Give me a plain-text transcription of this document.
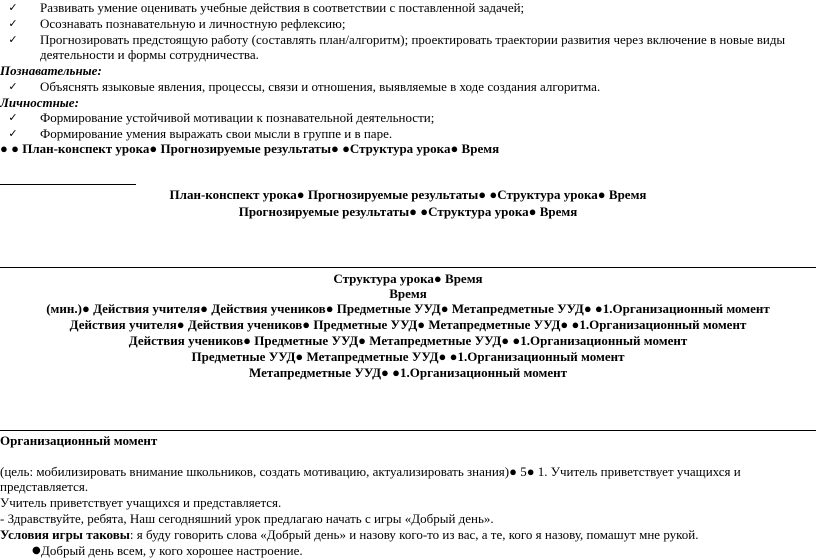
✓ Развивать умение оценивать учебные действия в соответствии с поставленной задачей;
✓ Осознавать познавательную и личностную рефлексию;
✓ Прогнозировать предстоящую работу (составлять план/алгоритм); проектировать траектории развития через включение в новые виды
деятельности и формы сотрудничества.
Познавательные:
✓ Объяснять языковые явления, процессы, связи и отношения, выявляемые в ходе создания алгоритма.
Личностные:
✓ Формирование устойчивой мотивации к познавательной деятельности;
✓ Формирование умения выражать свои мысли в группе и в паре.
● ● План-конспект урока● Прогнозируемые результаты● ●Структура урока● Время
План-конспект урока● Прогнозируемые результаты● ●Структура урока● Время
Прогнозируемые результаты● ●Структура урока● Время
Структура урока● Время
Время
(мин.)● Действия учителя● Действия учеников● Предметные УУД● Метапредметные УУД● ●1.Организационный момент
Действия учителя● Действия учеников● Предметные УУД● Метапредметные УУД● ●1.Организационный момент
Действия учеников● Предметные УУД● Метапредметные УУД● ●1.Организационный момент
Предметные УУД● Метапредметные УУД● ●1.Организационный момент
Метапредметные УУД● ●1.Организационный момент
Организационный момент
(цель: мобилизировать внимание школьников, создать мотивацию, актуализировать знания)● 5● 1. Учитель приветствует учащихся и
представляется.
Учитель приветствует учащихся и представляется.
- Здравствуйте, ребята, Наш сегодняшний урок предлагаю начать с игры «Добрый день».
Условия игры таковы: я буду говорить слова «Добрый день» и назову кого-то из вас, а те, кого я назову, помашут мне рукой.
● Добрый день всем, у кого хорошее настроение.
